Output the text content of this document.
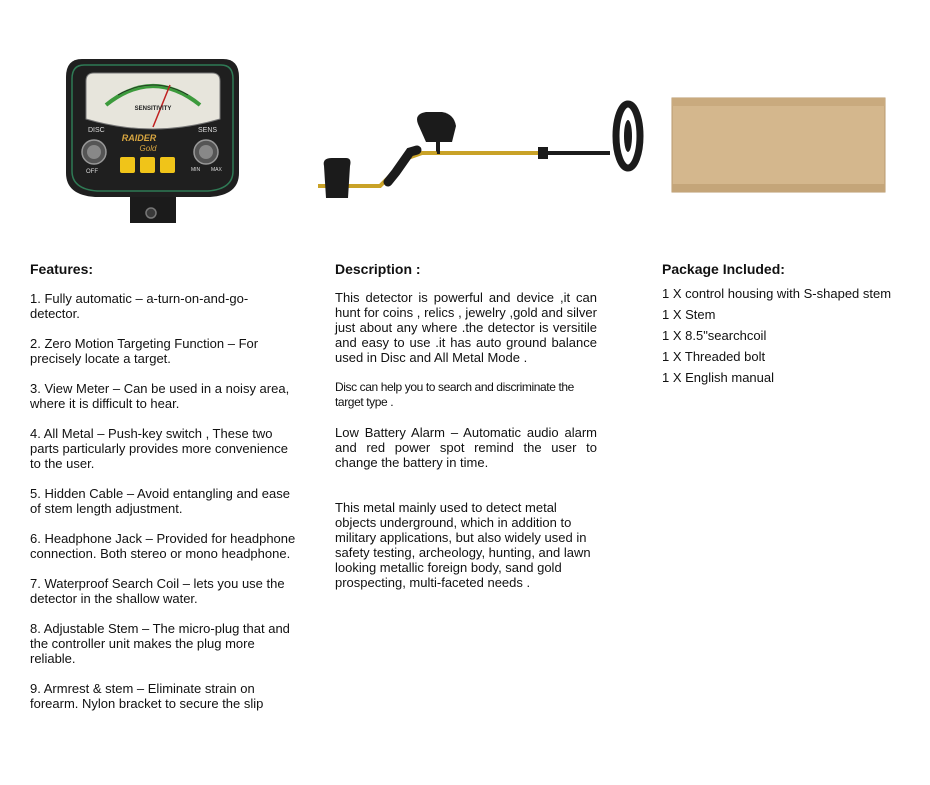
SENSITIVITY
RAIDER
Gold
DISC	SENS
OFF	MIN MAX
Features:

1. Fully automatic – a-turn-on-and-go- detector.

2. Zero Motion Targeting Function – For precisely locate a target.

3. View Meter – Can be used in a noisy area, where it is difficult to hear.

4. All Metal – Push-key switch , These two parts particularly provides more convenience to the user.

5. Hidden Cable – Avoid entangling and ease of stem length adjustment.

6. Headphone Jack – Provided for headphone connection. Both stereo or mono headphone.

7. Waterproof Search Coil – lets you use the detector in the shallow water.

8. Adjustable Stem – The micro-plug that and the controller unit makes the plug more reliable.

9. Armrest & stem – Eliminate strain on forearm. Nylon bracket to secure the slip

Description :

This detector is powerful and device ,it can hunt for coins , relics , jewelry ,gold and silver just about any where .the detector is versitile and easy to use .it has auto ground balance used in Disc and All Metal Mode .

Disc can help you to search and discriminate the target type .

Low Battery Alarm – Automatic audio alarm and red power spot remind the user to change the battery in time.

This metal mainly used to detect metal objects underground, which in addition to military applications, but also widely used in safety testing, archeology, hunting, and lawn looking metallic foreign body, sand gold prospecting, multi-faceted needs .

Package Included:

1 X control housing with S-shaped stem

1 X Stem

1 X 8.5"searchcoil

1 X Threaded bolt

1 X English manual
